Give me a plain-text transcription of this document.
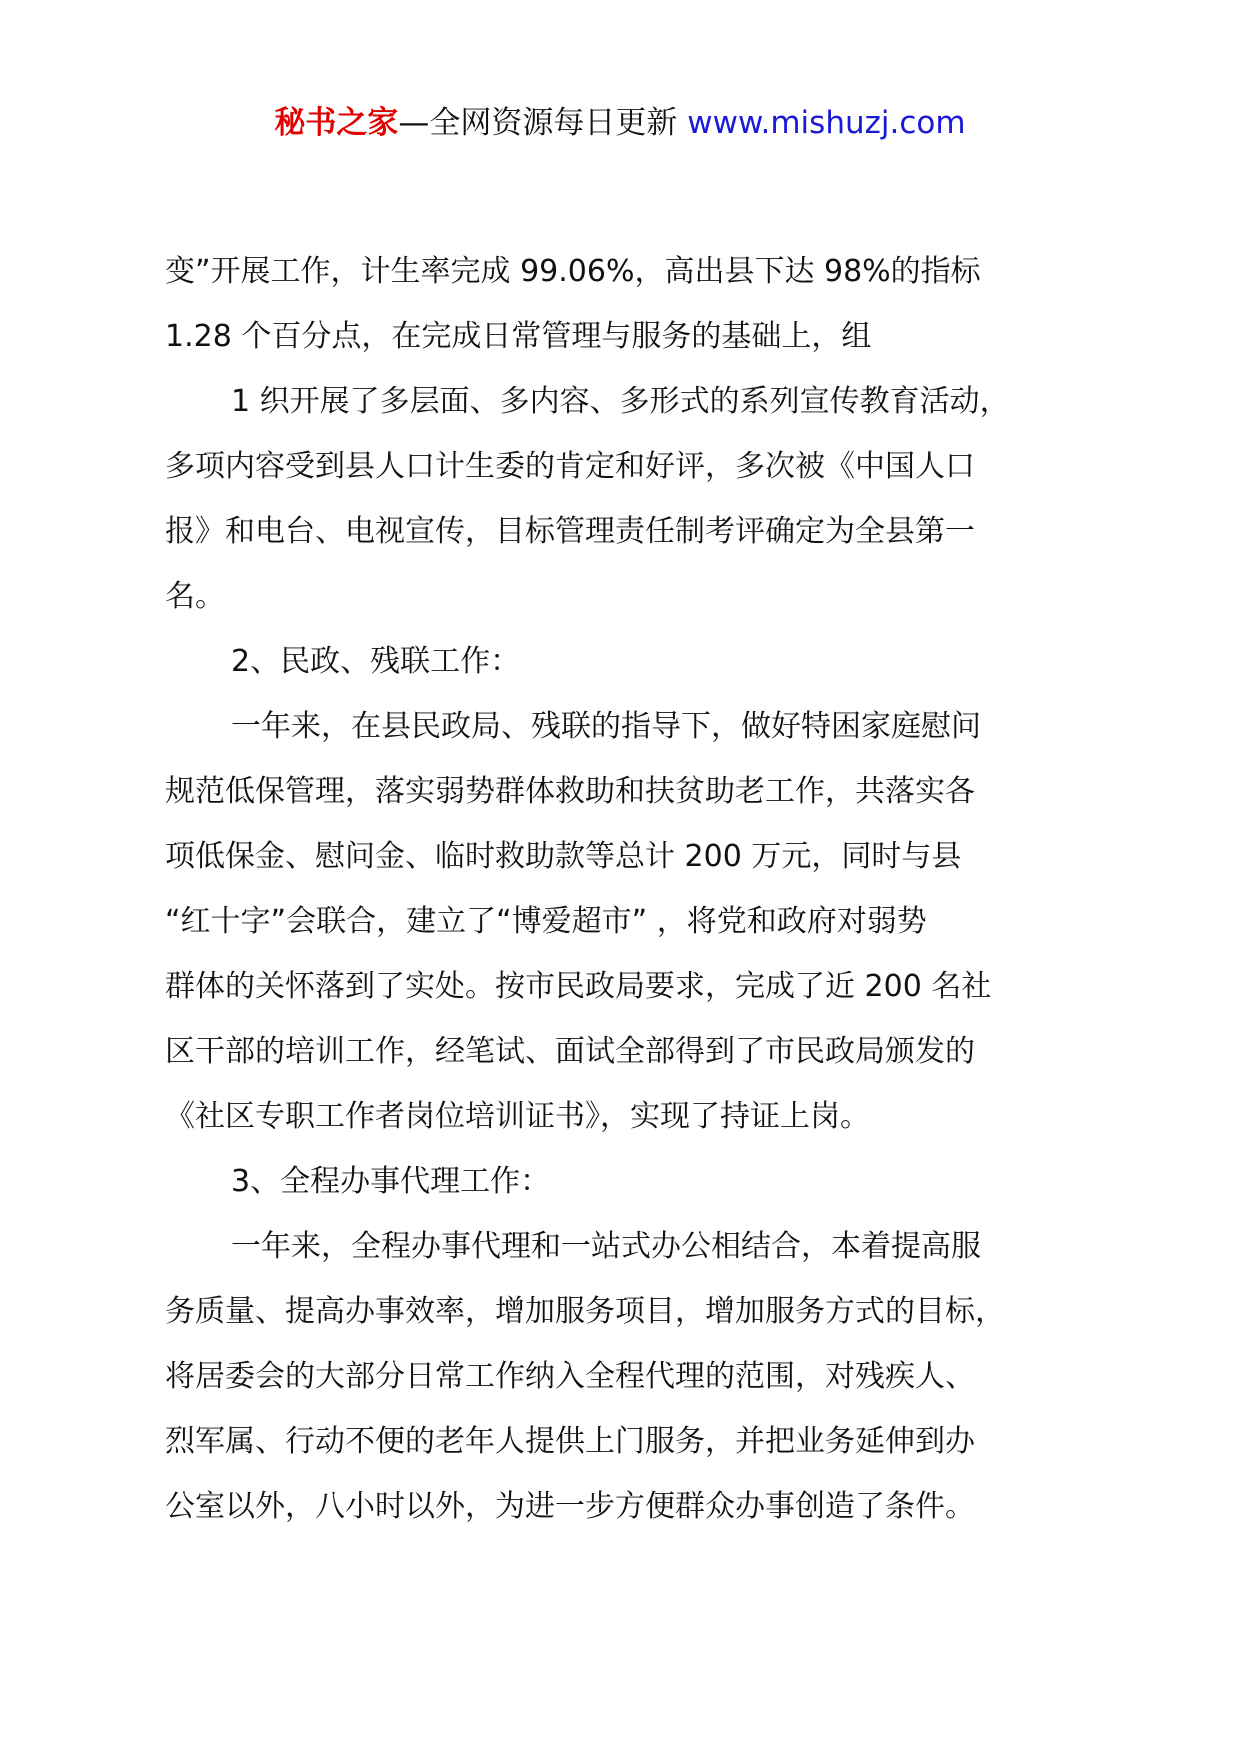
秘书之家—全网资源每日更新 www.mishuzj.com

变”开展工作，计生率完成 99.06%，高出县下达 98%的指标

1.28 个百分点，在完成日常管理与服务的基础上，组

1 织开展了多层面、多内容、多形式的系列宣传教育活动，

多项内容受到县人口计生委的肯定和好评，多次被《中国人口

报》和电台、电视宣传，目标管理责任制考评确定为全县第一

名。

2、民政、残联工作：

一年来，在县民政局、残联的指导下，做好特困家庭慰问

规范低保管理，落实弱势群体救助和扶贫助老工作，共落实各

项低保金、慰问金、临时救助款等总计 200 万元，同时与县

“红十字”会联合，建立了“博爱超市” ，将党和政府对弱势

群体的关怀落到了实处。按市民政局要求，完成了近 200 名社

区干部的培训工作，经笔试、面试全部得到了市民政局颁发的

《社区专职工作者岗位培训证书》，实现了持证上岗。

3、全程办事代理工作：

一年来，全程办事代理和一站式办公相结合，本着提高服

务质量、提高办事效率，增加服务项目，增加服务方式的目标，

将居委会的大部分日常工作纳入全程代理的范围，对残疾人、

烈军属、行动不便的老年人提供上门服务，并把业务延伸到办

公室以外，八小时以外，为进一步方便群众办事创造了条件。
